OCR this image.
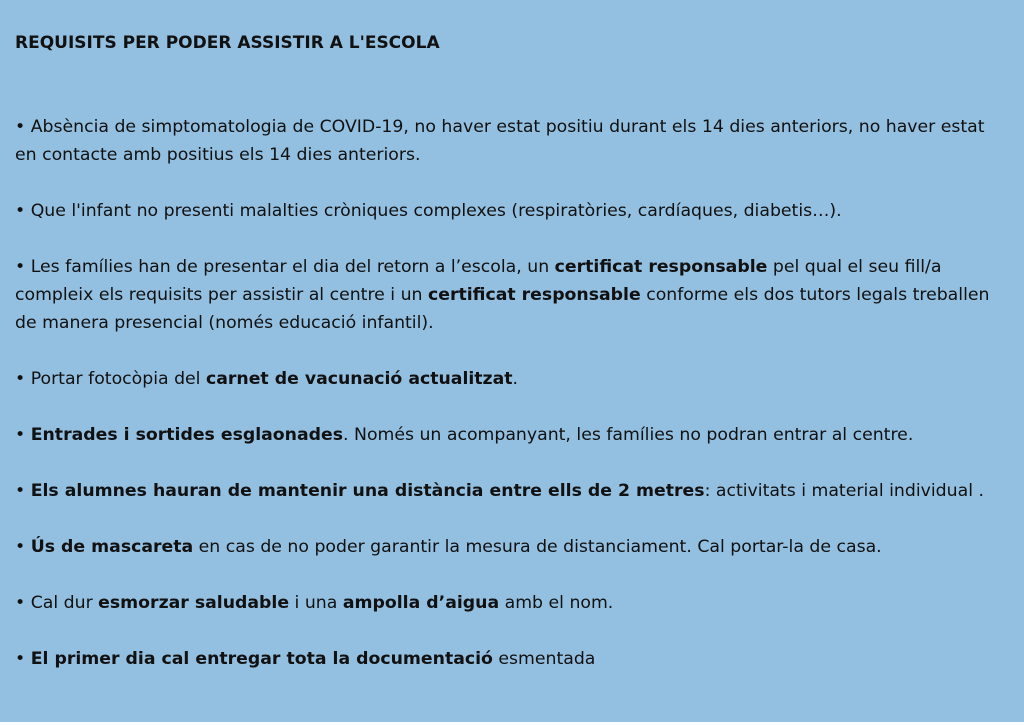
REQUISITS PER PODER ASSISTIR A L'ESCOLA

• Absència de simptomatologia de COVID-19, no haver estat positiu durant els 14 dies anteriors, no haver estat en contacte amb positius els 14 dies anteriors.

• Que l'infant no presenti malalties cròniques complexes (respiratòries, cardíaques, diabetis…).

• Les famílies han de presentar el dia del retorn a l’escola, un certificat responsable pel qual el seu fill/a compleix els requisits per assistir al centre i un certificat responsable conforme els dos tutors legals treballen de manera presencial (només educació infantil).

• Portar fotocòpia del carnet de vacunació actualitzat.

• Entrades i sortides esglaonades. Només un acompanyant, les famílies no podran entrar al centre.

• Els alumnes hauran de mantenir una distància entre ells de 2 metres: activitats i material individual .

• Ús de mascareta en cas de no poder garantir la mesura de distanciament. Cal portar-la de casa.

• Cal dur esmorzar saludable i una ampolla d’aigua amb el nom.

• El primer dia cal entregar tota la documentació esmentada
